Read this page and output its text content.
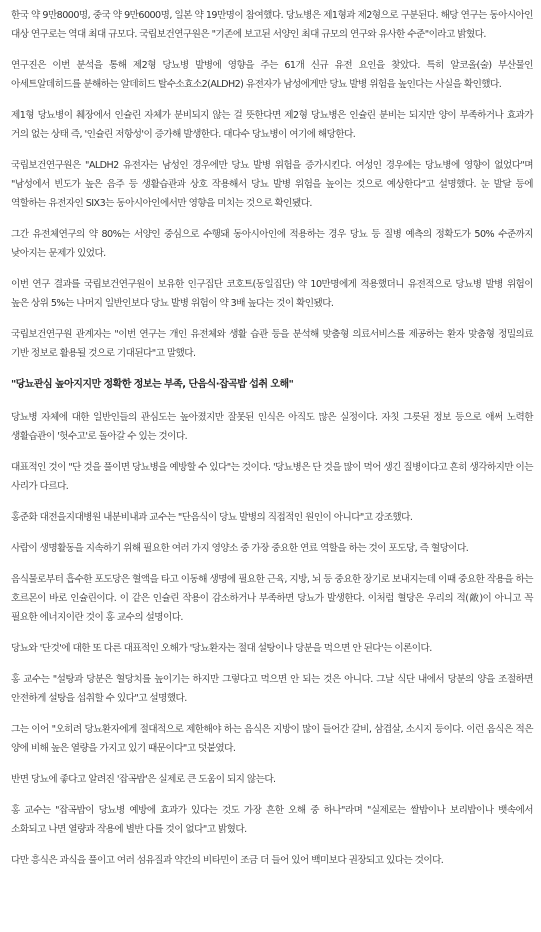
한국 약 9만8000명, 중국 약 9만6000명, 일본 약 19만명이 참여했다. 당뇨병은 제1형과 제2형으로 구분된다. 해당 연구는 동아시아인 대상 연구로는 역대 최대 규모다. 국립보건연구원은 "기존에 보고된 서양인 최대 규모의 연구와 유사한 수준"이라고 밝혔다.

연구진은 이번 분석을 통해 제2형 당뇨병 발병에 영향을 주는 61개 신규 유전 요인을 찾았다. 특히 알코올(술) 부산물인 아세트알데히드를 분해하는 알데히드 탈수소효소2(ALDH2) 유전자가 남성에게만 당뇨 발병 위험을 높인다는 사실을 확인했다.

제1형 당뇨병이 췌장에서 인슐린 자체가 분비되지 않는 걸 뜻한다면 제2형 당뇨병은 인슐린 분비는 되지만 양이 부족하거나 효과가 거의 없는 상태 즉, '인슐린 저항성'이 증가해 발생한다. 대다수 당뇨병이 여기에 해당한다.

국립보건연구원은 "ALDH2 유전자는 남성인 경우에만 당뇨 발병 위험을 증가시킨다. 여성인 경우에는 당뇨병에 영향이 없었다"며 "남성에서 빈도가 높은 음주 등 생활습관과 상호 작용해서 당뇨 발병 위험을 높이는 것으로 예상한다"고 설명했다. 눈 발달 등에 역할하는 유전자인 SIX3는 동아시아인에서만 영향을 미치는 것으로 확인됐다.

그간 유전체연구의 약 80%는 서양인 중심으로 수행돼 동아시아인에 적용하는 경우 당뇨 등 질병 예측의 정확도가 50% 수준까지 낮아지는 문제가 있었다.

이번 연구 결과를 국립보건연구원이 보유한 인구집단 코호트(동일집단) 약 10만명에게 적용했더니 유전적으로 당뇨병 발병 위험이 높은 상위 5%는 나머지 일반인보다 당뇨 발병 위험이 약 3배 높다는 것이 확인됐다.

국립보건연구원 관계자는 "이번 연구는 개인 유전체와 생활 습관 등을 분석해 맞춤형 의료서비스를 제공하는 환자 맞춤형 정밀의료 기반 정보로 활용될 것으로 기대된다"고 말했다.

"당뇨관심 높아지지만 정확한 정보는 부족, 단음식·잡곡밥 섭취 오해"

당뇨병 자체에 대한 일반인들의 관심도는 높아졌지만 잘못된 인식은 아직도 많은 실정이다. 자칫 그릇된 정보 등으로 애써 노력한 생활습관이 '헛수고'로 돌아갈 수 있는 것이다.

대표적인 것이 "단 것을 풀이면 당뇨병을 예방할 수 있다"는 것이다. '당뇨병은 단 것을 많이 먹어 생긴 질병이다고 흔히 생각하지만 이는 사리가 다르다.

홍준화 대전을지대병원 내분비내과 교수는 "단음식이 당뇨 발병의 직접적인 원인이 아니다"고 강조했다.

사람이 생명활동을 지속하기 위해 필요한 여러 가지 영양소 중 가장 중요한 연료 역할을 하는 것이 포도당, 즉 혈당이다.

음식물로부터 흡수한 포도당은 혈액을 타고 이동해 생명에 필요한 근육, 지방, 뇌 등 중요한 장기로 보내지는데 이때 중요한 작용을 하는 호르몬이 바로 인슐린이다. 이 같은 인슐린 작용이 감소하거나 부족하면 당뇨가 발생한다. 이처럼 혈당은 우리의 적(敵)이 아니고 꼭 필요한 에너지이란 것이 홍 교수의 설명이다.

당뇨와 '단것'에 대한 또 다른 대표적인 오해가 '당뇨환자는 절대 설탕이나 당분을 먹으면 안 된다'는 이론이다.

홍 교수는 "설탕과 당분은 혈당치를 높이기는 하지만 그렇다고 먹으면 안 되는 것은 아니다. 그날 식단 내에서 당분의 양을 조절하면 안전하게 설탕을 섭취할 수 있다"고 설명했다.

그는 이어 "오히려 당뇨환자에게 절대적으로 제한해야 하는 음식은 지방이 많이 들어간 갈비, 삼겹살, 소시지 등이다. 이런 음식은 적은 양에 비해 높은 열량을 가지고 있기 때문이다"고 덧붙였다.

반면 당뇨에 좋다고 알려진 '잡곡밥'은 실제로 큰 도움이 되지 않는다.

홍 교수는 "잡곡밥이 당뇨병 예방에 효과가 있다는 것도 가장 흔한 오해 중 하나"라며 "실제로는 쌀밥이나 보리밥이나 뱃속에서 소화되고 나면 열량과 작용에 별반 다를 것이 없다"고 밝혔다.

다만 흥식은 과식을 풀이고 여러 섬유질과 약간의 비타민이 조금 더 들어 있어 백미보다 권장되고 있다는 것이다.
